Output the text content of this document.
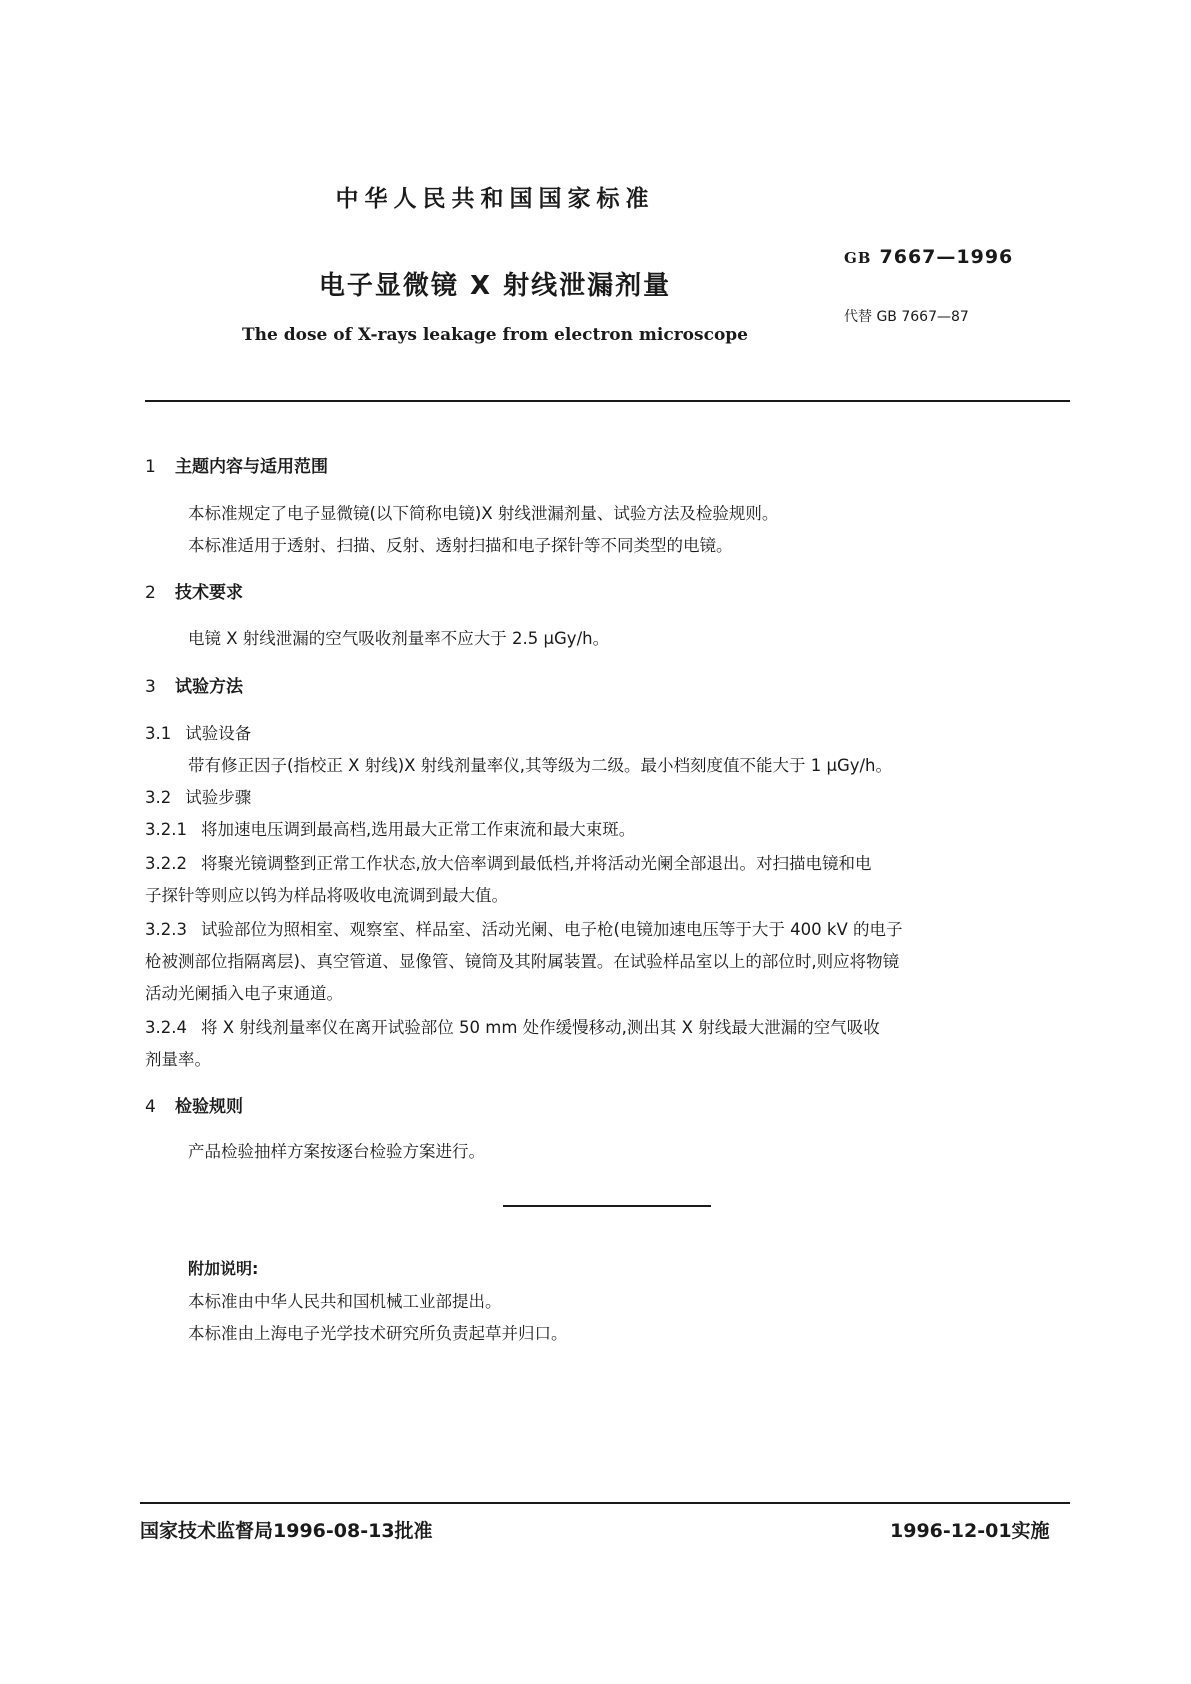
中华人民共和国国家标准
GB 7667—1996
电子显微镜 X 射线泄漏剂量
代替 GB 7667—87
The dose of X-rays leakage from electron microscope
1 主题内容与适用范围
本标准规定了电子显微镜(以下简称电镜)X 射线泄漏剂量、试验方法及检验规则。
本标准适用于透射、扫描、反射、透射扫描和电子探针等不同类型的电镜。
2 技术要求
电镜 X 射线泄漏的空气吸收剂量率不应大于 2.5 μGy/h。
3 试验方法
3.1 试验设备
带有修正因子(指校正 X 射线)X 射线剂量率仪,其等级为二级。最小档刻度值不能大于 1 μGy/h。
3.2 试验步骤
3.2.1 将加速电压调到最高档,选用最大正常工作束流和最大束斑。
3.2.2 将聚光镜调整到正常工作状态,放大倍率调到最低档,并将活动光阑全部退出。对扫描电镜和电
子探针等则应以钨为样品将吸收电流调到最大值。
3.2.3 试验部位为照相室、观察室、样品室、活动光阑、电子枪(电镜加速电压等于大于 400 kV 的电子
枪被测部位指隔离层)、真空管道、显像管、镜筒及其附属装置。在试验样品室以上的部位时,则应将物镜
活动光阑插入电子束通道。
3.2.4 将 X 射线剂量率仪在离开试验部位 50 mm 处作缓慢移动,测出其 X 射线最大泄漏的空气吸收
剂量率。
4 检验规则
产品检验抽样方案按逐台检验方案进行。
附加说明:
本标准由中华人民共和国机械工业部提出。
本标准由上海电子光学技术研究所负责起草并归口。
国家技术监督局1996-08-13批准	1996-12-01实施
